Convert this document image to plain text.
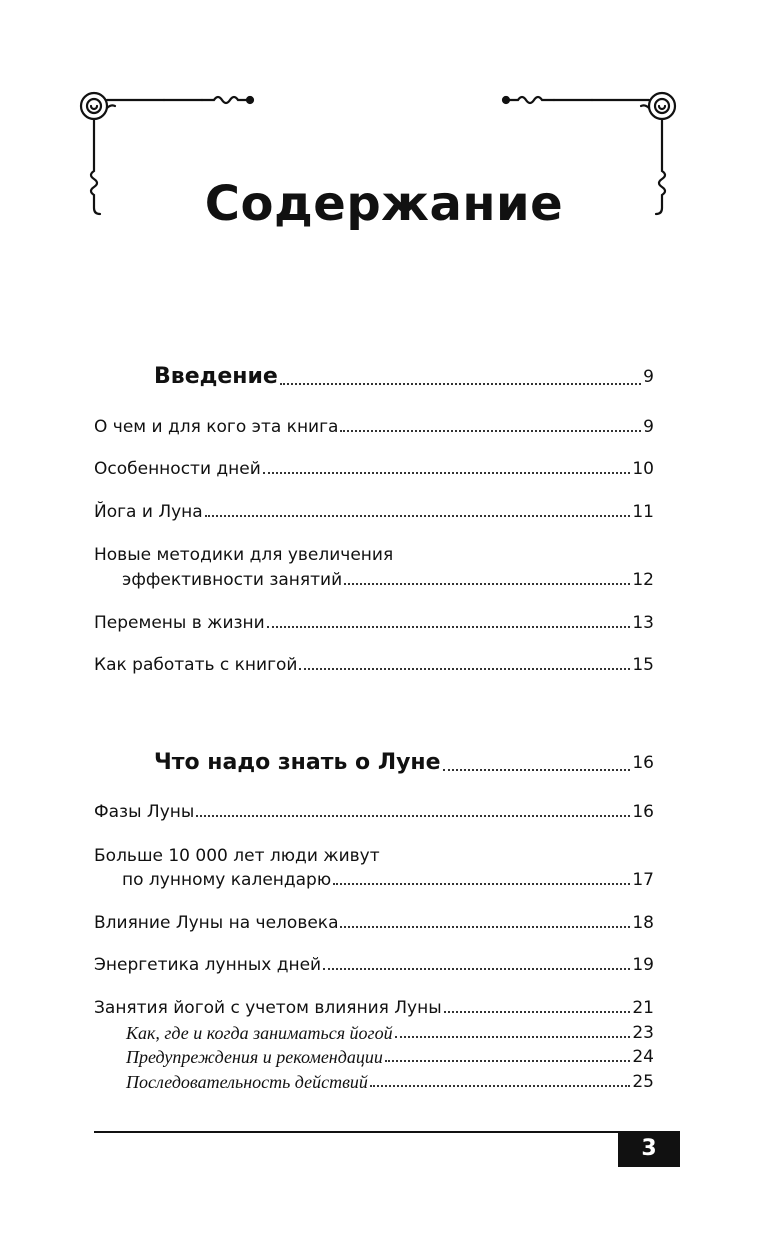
Содержание
Введение	9
О чем и для кого эта книга	9
Особенности дней	10
Йога и Луна	11
Новые методики для увеличения
эффективности занятий	12
Перемены в жизни	13
Как работать с книгой	15
Что надо знать о Луне	16
Фазы Луны	16
Больше 10 000 лет люди живут
по лунному календарю	17
Влияние Луны на человека	18
Энергетика лунных дней	19
Занятия йогой с учетом влияния Луны	21
Как, где и когда заниматься йогой	23
Предупреждения и рекомендации	24
Последовательность действий	25
3
